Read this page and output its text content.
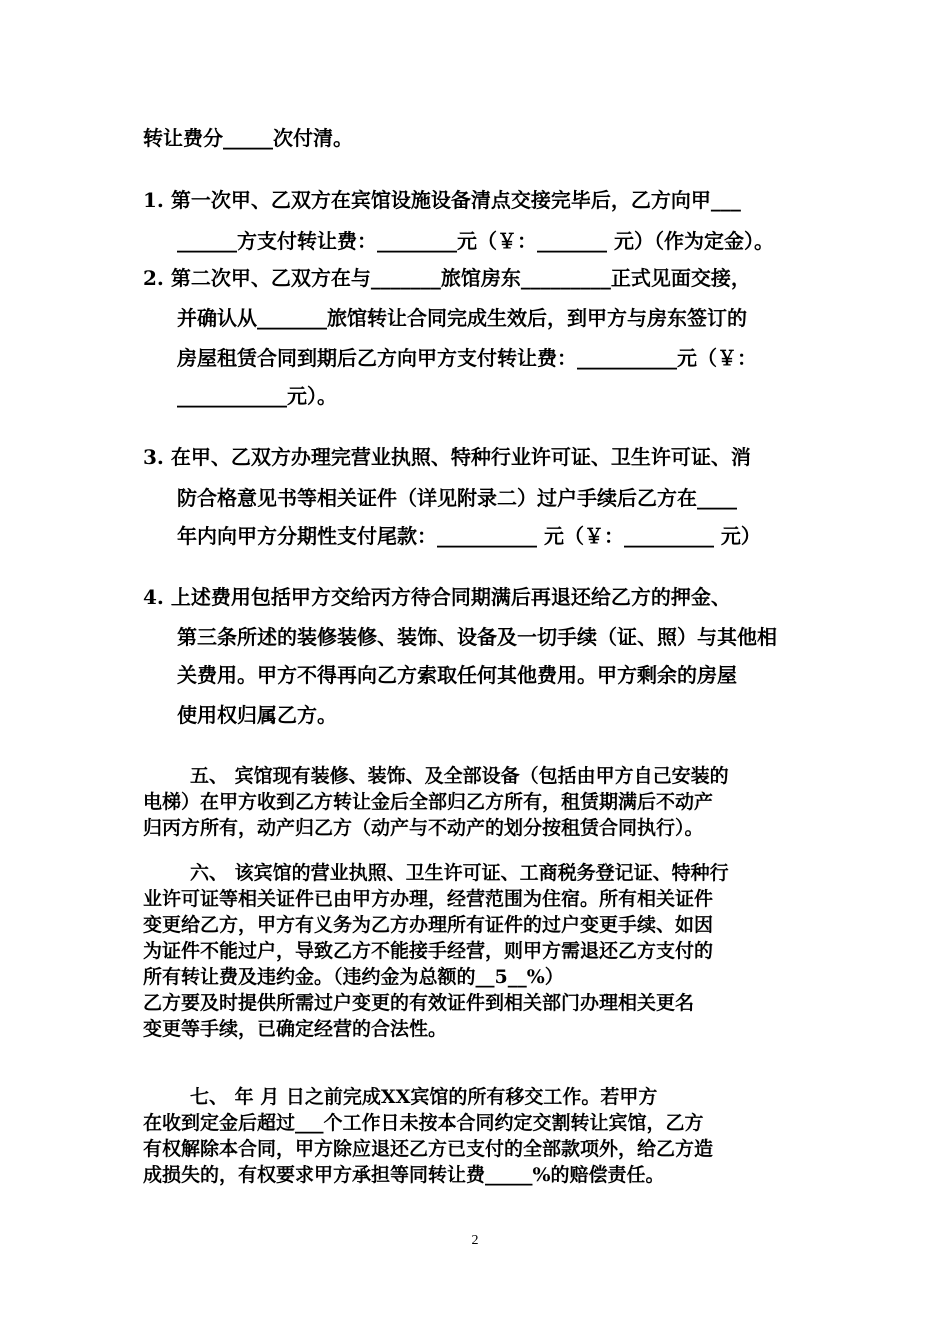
转让费分_____次付清。
1. 第一次甲、乙双方在宾馆设施设备清点交接完毕后，乙方向甲___
______方支付转让费：________元（￥：_______ 元）（作为定金）。
2. 第二次甲、乙双方在与_______旅馆房东_________正式见面交接，
并确认从_______旅馆转让合同完成生效后，到甲方与房东签订的
房屋租赁合同到期后乙方向甲方支付转让费：__________元（￥：
___________元）。
3. 在甲、乙双方办理完营业执照、特种行业许可证、卫生许可证、消
防合格意见书等相关证件（详见附录二）过户手续后乙方在____
年内向甲方分期性支付尾款：__________ 元（￥：_________ 元）
4. 上述费用包括甲方交给丙方待合同期满后再退还给乙方的押金、
第三条所述的装修装修、装饰、设备及一切手续（证、照）与其他相
关费用。甲方不得再向乙方索取任何其他费用。甲方剩余的房屋
使用权归属乙方。
五、 宾馆现有装修、装饰、及全部设备（包括由甲方自己安装的
电梯）在甲方收到乙方转让金后全部归乙方所有，租赁期满后不动产
归丙方所有，动产归乙方（动产与不动产的划分按租赁合同执行）。
六、 该宾馆的营业执照、卫生许可证、工商税务登记证、特种行
业许可证等相关证件已由甲方办理，经营范围为住宿。所有相关证件
变更给乙方，甲方有义务为乙方办理所有证件的过户变更手续、如因
为证件不能过户，导致乙方不能接手经营，则甲方需退还乙方支付的
所有转让费及违约金。（违约金为总额的__5__%）
乙方要及时提供所需过户变更的有效证件到相关部门办理相关更名
变更等手续，已确定经营的合法性。
七、 年 月 日之前完成XX宾馆的所有移交工作。若甲方
在收到定金后超过___个工作日未按本合同约定交割转让宾馆，乙方
有权解除本合同，甲方除应退还乙方已支付的全部款项外，给乙方造
成损失的，有权要求甲方承担等同转让费_____%的赔偿责任。
2
